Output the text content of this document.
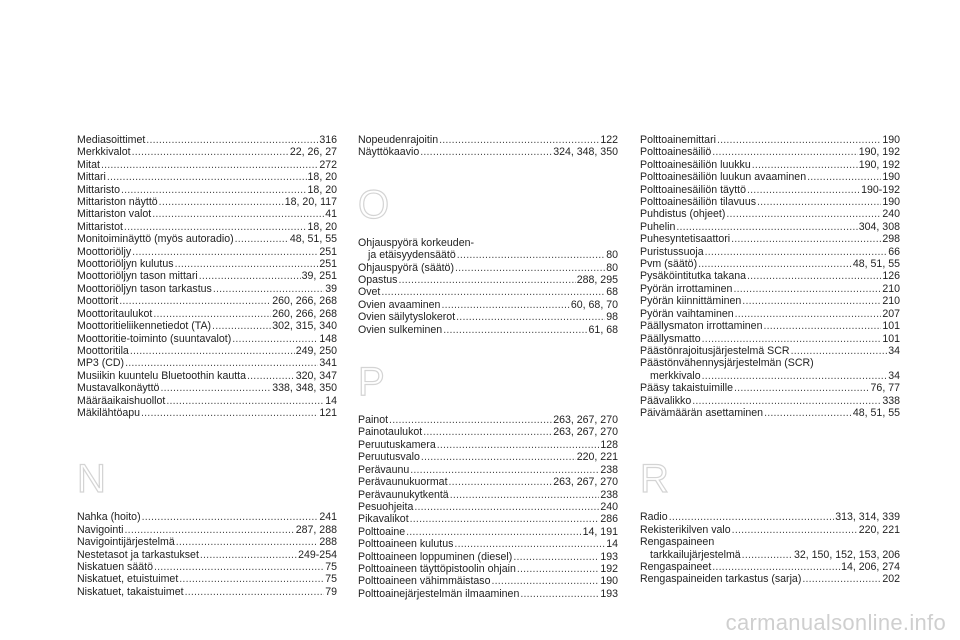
Mediasoittimet .....	316
Merkkivalot .....	22, 26, 27
Mitat .....	272
Mittari .....	18, 20
Mittaristo .....	18, 20
Mittariston näyttö .....	18, 20, 117
Mittariston valot .....	41
Mittaristot .....	18, 20
Monitoiminäyttö (myös autoradio) .....	48, 51, 55
Moottoriöljy .....	251
Moottoriöljyn kulutus .....	251
Moottoriöljyn tason mittari .....	39, 251
Moottoriöljyn tason tarkastus .....	39
Moottorit .....	260, 266, 268
Moottoritaulukot .....	260, 266, 268
Moottoritieliikennetiedot (TA) .....	302, 315, 340
Moottoritie-toiminto (suuntavalot) .....	148
Moottoritila .....	249, 250
MP3 (CD) .....	341
Musiikin kuuntelu Bluetoothin kautta .....	320, 347
Mustavalkonäyttö .....	338, 348, 350
Määräaikaishuollot .....	14
Mäkilähtöapu .....	121
N
Nahka (hoito) .....	241
Navigointi .....	287, 288
Navigointijärjestelmä .....	288
Nestetasot ja tarkastukset .....	249-254
Niskatuen säätö .....	75
Niskatuet, etuistuimet .....	75
Niskatuet, takaistuimet .....	79
Nopeudenrajoitin .....	122
Näyttökaavio .....	324, 348, 350
O
Ohjauspyörä korkeuden-
ja etäisyydensäätö .....	80
Ohjauspyörä (säätö) .....	80
Opastus .....	288, 295
Ovet .....	68
Ovien avaaminen .....	60, 68, 70
Ovien säilytyslokerot .....	98
Ovien sulkeminen .....	61, 68
P
Painot .....	263, 267, 270
Painotaulukot .....	263, 267, 270
Peruutuskamera .....	128
Peruutusvalo .....	220, 221
Perävaunu .....	238
Perävaunukuormat .....	263, 267, 270
Perävaunukytkentä .....	238
Pesuohjeita .....	240
Pikavalikot .....	286
Polttoaine .....	14, 191
Polttoaineen kulutus .....	14
Polttoaineen loppuminen (diesel) .....	193
Polttoaineen täyttöpistoolin ohjain .....	192
Polttoaineen vähimmäistaso .....	190
Polttoainejärjestelmän ilmaaminen .....	193
Polttoainemittari .....	190
Polttoainesäiliö .....	190, 192
Polttoainesäiliön luukku .....	190, 192
Polttoainesäiliön luukun avaaminen .....	190
Polttoainesäiliön täyttö .....	190-192
Polttoainesäiliön tilavuus .....	190
Puhdistus (ohjeet) .....	240
Puhelin .....	304, 308
Puhesyntetisaattori .....	298
Puristussuoja .....	66
Pvm (säätö) .....	48, 51, 55
Pysäköintitutka takana .....	126
Pyörän irrottaminen .....	210
Pyörän kiinnittäminen .....	210
Pyörän vaihtaminen .....	207
Päällysmaton irrottaminen .....	101
Päällysmatto .....	101
Päästönrajoitusjärjestelmä SCR .....	34
Päästönvähennysjärjestelmän (SCR)
merkkivalo .....	34
Pääsy takaistuimille .....	76, 77
Päävalikko .....	338
Päivämäärän asettaminen .....	48, 51, 55
R
Radio .....	313, 314, 339
Rekisterikilven valo .....	220, 221
Rengaspaineen
tarkkailujärjestelmä .....	32, 150, 152, 153, 206
Rengaspaineet .....	14, 206, 274
Rengaspaineiden tarkastus (sarja) .....	202
carmanualsonline.info
